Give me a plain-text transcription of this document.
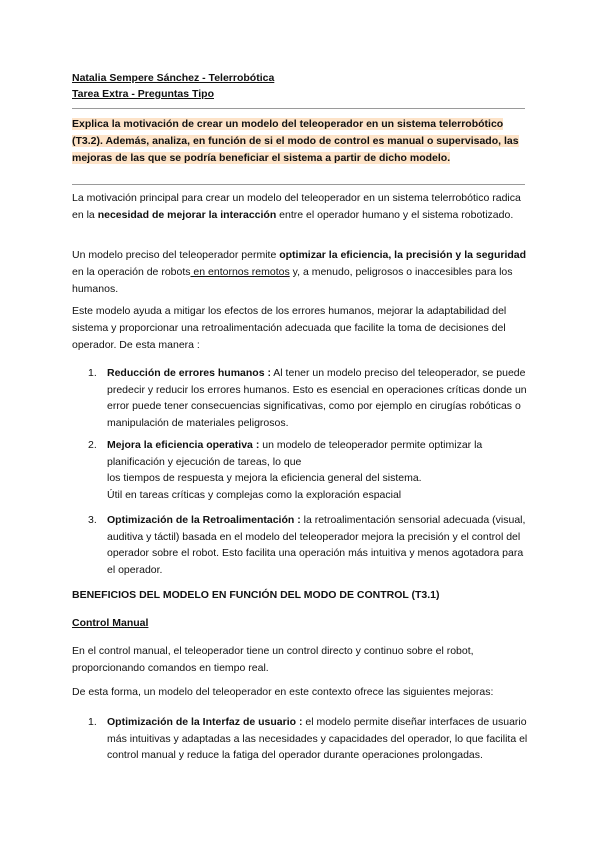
Natalia Sempere Sánchez - Telerrobótica
Tarea Extra - Preguntas Tipo
Explica la motivación de crear un modelo del teleoperador en un sistema telerrobótico (T3.2). Además, analiza, en función de si el modo de control es manual o supervisado, las mejoras de las que se podría beneficiar el sistema a partir de dicho modelo.
La motivación principal para crear un modelo del teleoperador en un sistema telerrobótico radica en la necesidad de mejorar la interacción entre el operador humano y el sistema robotizado.
Un modelo preciso del teleoperador permite optimizar la eficiencia, la precisión y la seguridad en la operación de robots en entornos remotos y, a menudo, peligrosos o inaccesibles para los humanos.
Este modelo ayuda a mitigar los efectos de los errores humanos, mejorar la adaptabilidad del sistema y proporcionar una retroalimentación adecuada que facilite la toma de decisiones del operador. De esta manera :
1. Reducción de errores humanos : Al tener un modelo preciso del teleoperador, se puede predecir y reducir los errores humanos. Esto es esencial en operaciones críticas donde un error puede tener consecuencias significativas, como por ejemplo en cirugías robóticas o manipulación de materiales peligrosos.
2. Mejora la eficiencia operativa : un modelo de teleoperador permite optimizar la planificación y ejecución de tareas, lo que
los tiempos de respuesta y mejora la eficiencia general del sistema.
Útil en tareas críticas y complejas como la exploración espacial
3. Optimización de la Retroalimentación : la retroalimentación sensorial adecuada (visual, auditiva y táctil) basada en el modelo del teleoperador mejora la precisión y el control del operador sobre el robot. Esto facilita una operación más intuitiva y menos agotadora para el operador.
BENEFICIOS DEL MODELO EN FUNCIÓN DEL MODO DE CONTROL (T3.1)
Control Manual
En el control manual, el teleoperador tiene un control directo y continuo sobre el robot, proporcionando comandos en tiempo real.
De esta forma, un modelo del teleoperador en este contexto ofrece las siguientes mejoras:
1. Optimización de la Interfaz de usuario : el modelo permite diseñar interfaces de usuario más intuitivas y adaptadas a las necesidades y capacidades del operador, lo que facilita el control manual y reduce la fatiga del operador durante operaciones prolongadas.
